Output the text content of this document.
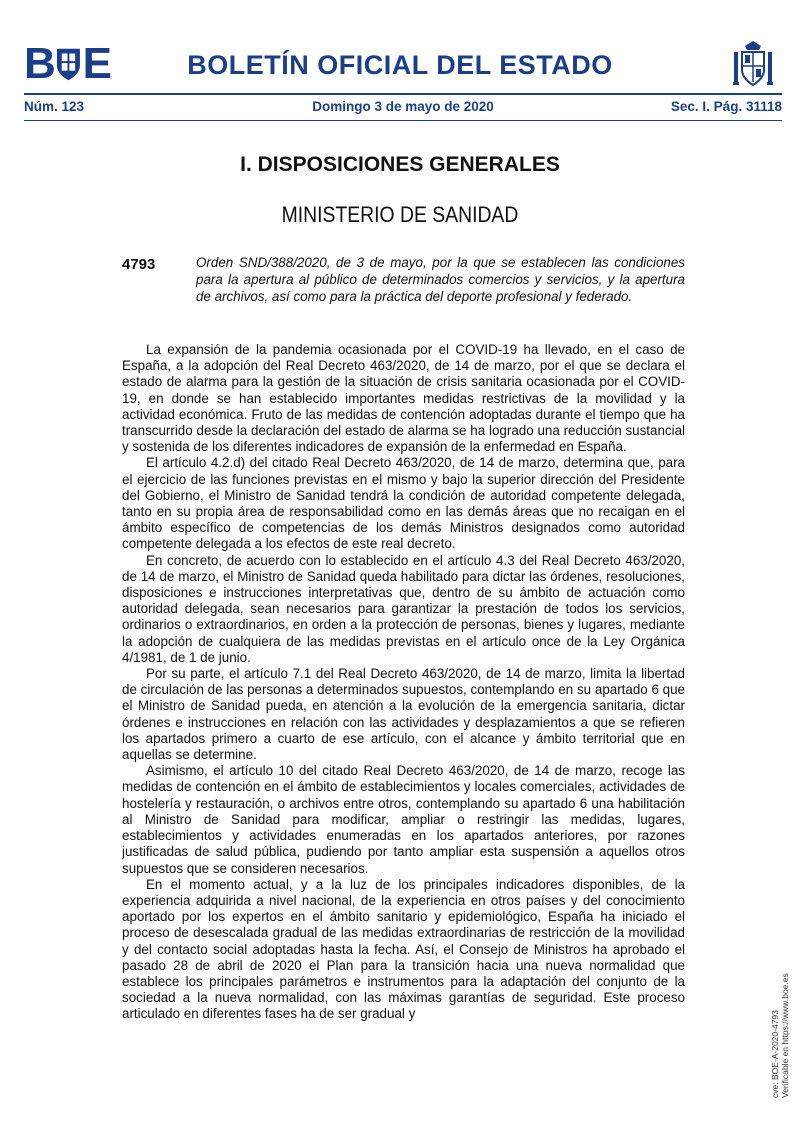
B E	BOLETÍN OFICIAL DEL ESTADO
Núm. 123	Domingo 3 de mayo de 2020	Sec. I. Pág. 31118
I. DISPOSICIONES GENERALES
MINISTERIO DE SANIDAD
4793	Orden SND/388/2020, de 3 de mayo, por la que se establecen las condiciones para la apertura al público de determinados comercios y servicios, y la apertura de archivos, así como para la práctica del deporte profesional y federado.

La expansión de la pandemia ocasionada por el COVID-19 ha llevado, en el caso de España, a la adopción del Real Decreto 463/2020, de 14 de marzo, por el que se declara el estado de alarma para la gestión de la situación de crisis sanitaria ocasionada por el COVID-19, en donde se han establecido importantes medidas restrictivas de la movilidad y la actividad económica. Fruto de las medidas de contención adoptadas durante el tiempo que ha transcurrido desde la declaración del estado de alarma se ha logrado una reducción sustancial y sostenida de los diferentes indicadores de expansión de la enfermedad en España.

El artículo 4.2.d) del citado Real Decreto 463/2020, de 14 de marzo, determina que, para el ejercicio de las funciones previstas en el mismo y bajo la superior dirección del Presidente del Gobierno, el Ministro de Sanidad tendrá la condición de autoridad competente delegada, tanto en su propia área de responsabilidad como en las demás áreas que no recaigan en el ámbito específico de competencias de los demás Ministros designados como autoridad competente delegada a los efectos de este real decreto.

En concreto, de acuerdo con lo establecido en el artículo 4.3 del Real Decreto 463/2020, de 14 de marzo, el Ministro de Sanidad queda habilitado para dictar las órdenes, resoluciones, disposiciones e instrucciones interpretativas que, dentro de su ámbito de actuación como autoridad delegada, sean necesarios para garantizar la prestación de todos los servicios, ordinarios o extraordinarios, en orden a la protección de personas, bienes y lugares, mediante la adopción de cualquiera de las medidas previstas en el artículo once de la Ley Orgánica 4/1981, de 1 de junio.

Por su parte, el artículo 7.1 del Real Decreto 463/2020, de 14 de marzo, limita la libertad de circulación de las personas a determinados supuestos, contemplando en su apartado 6 que el Ministro de Sanidad pueda, en atención a la evolución de la emergencia sanitaria, dictar órdenes e instrucciones en relación con las actividades y desplazamientos a que se refieren los apartados primero a cuarto de ese artículo, con el alcance y ámbito territorial que en aquellas se determine.

Asimismo, el artículo 10 del citado Real Decreto 463/2020, de 14 de marzo, recoge las medidas de contención en el ámbito de establecimientos y locales comerciales, actividades de hostelería y restauración, o archivos entre otros, contemplando su apartado 6 una habilitación al Ministro de Sanidad para modificar, ampliar o restringir las medidas, lugares, establecimientos y actividades enumeradas en los apartados anteriores, por razones justificadas de salud pública, pudiendo por tanto ampliar esta suspensión a aquellos otros supuestos que se consideren necesarios.

En el momento actual, y a la luz de los principales indicadores disponibles, de la experiencia adquirida a nivel nacional, de la experiencia en otros países y del conocimiento aportado por los expertos en el ámbito sanitario y epidemiológico, España ha iniciado el proceso de desescalada gradual de las medidas extraordinarias de restricción de la movilidad y del contacto social adoptadas hasta la fecha. Así, el Consejo de Ministros ha aprobado el pasado 28 de abril de 2020 el Plan para la transición hacia una nueva normalidad que establece los principales parámetros e instrumentos para la adaptación del conjunto de la sociedad a la nueva normalidad, con las máximas garantías de seguridad. Este proceso articulado en diferentes fases ha de ser gradual y	cve: BOE-A-2020-4793 Verificable en https://www.boe.es
